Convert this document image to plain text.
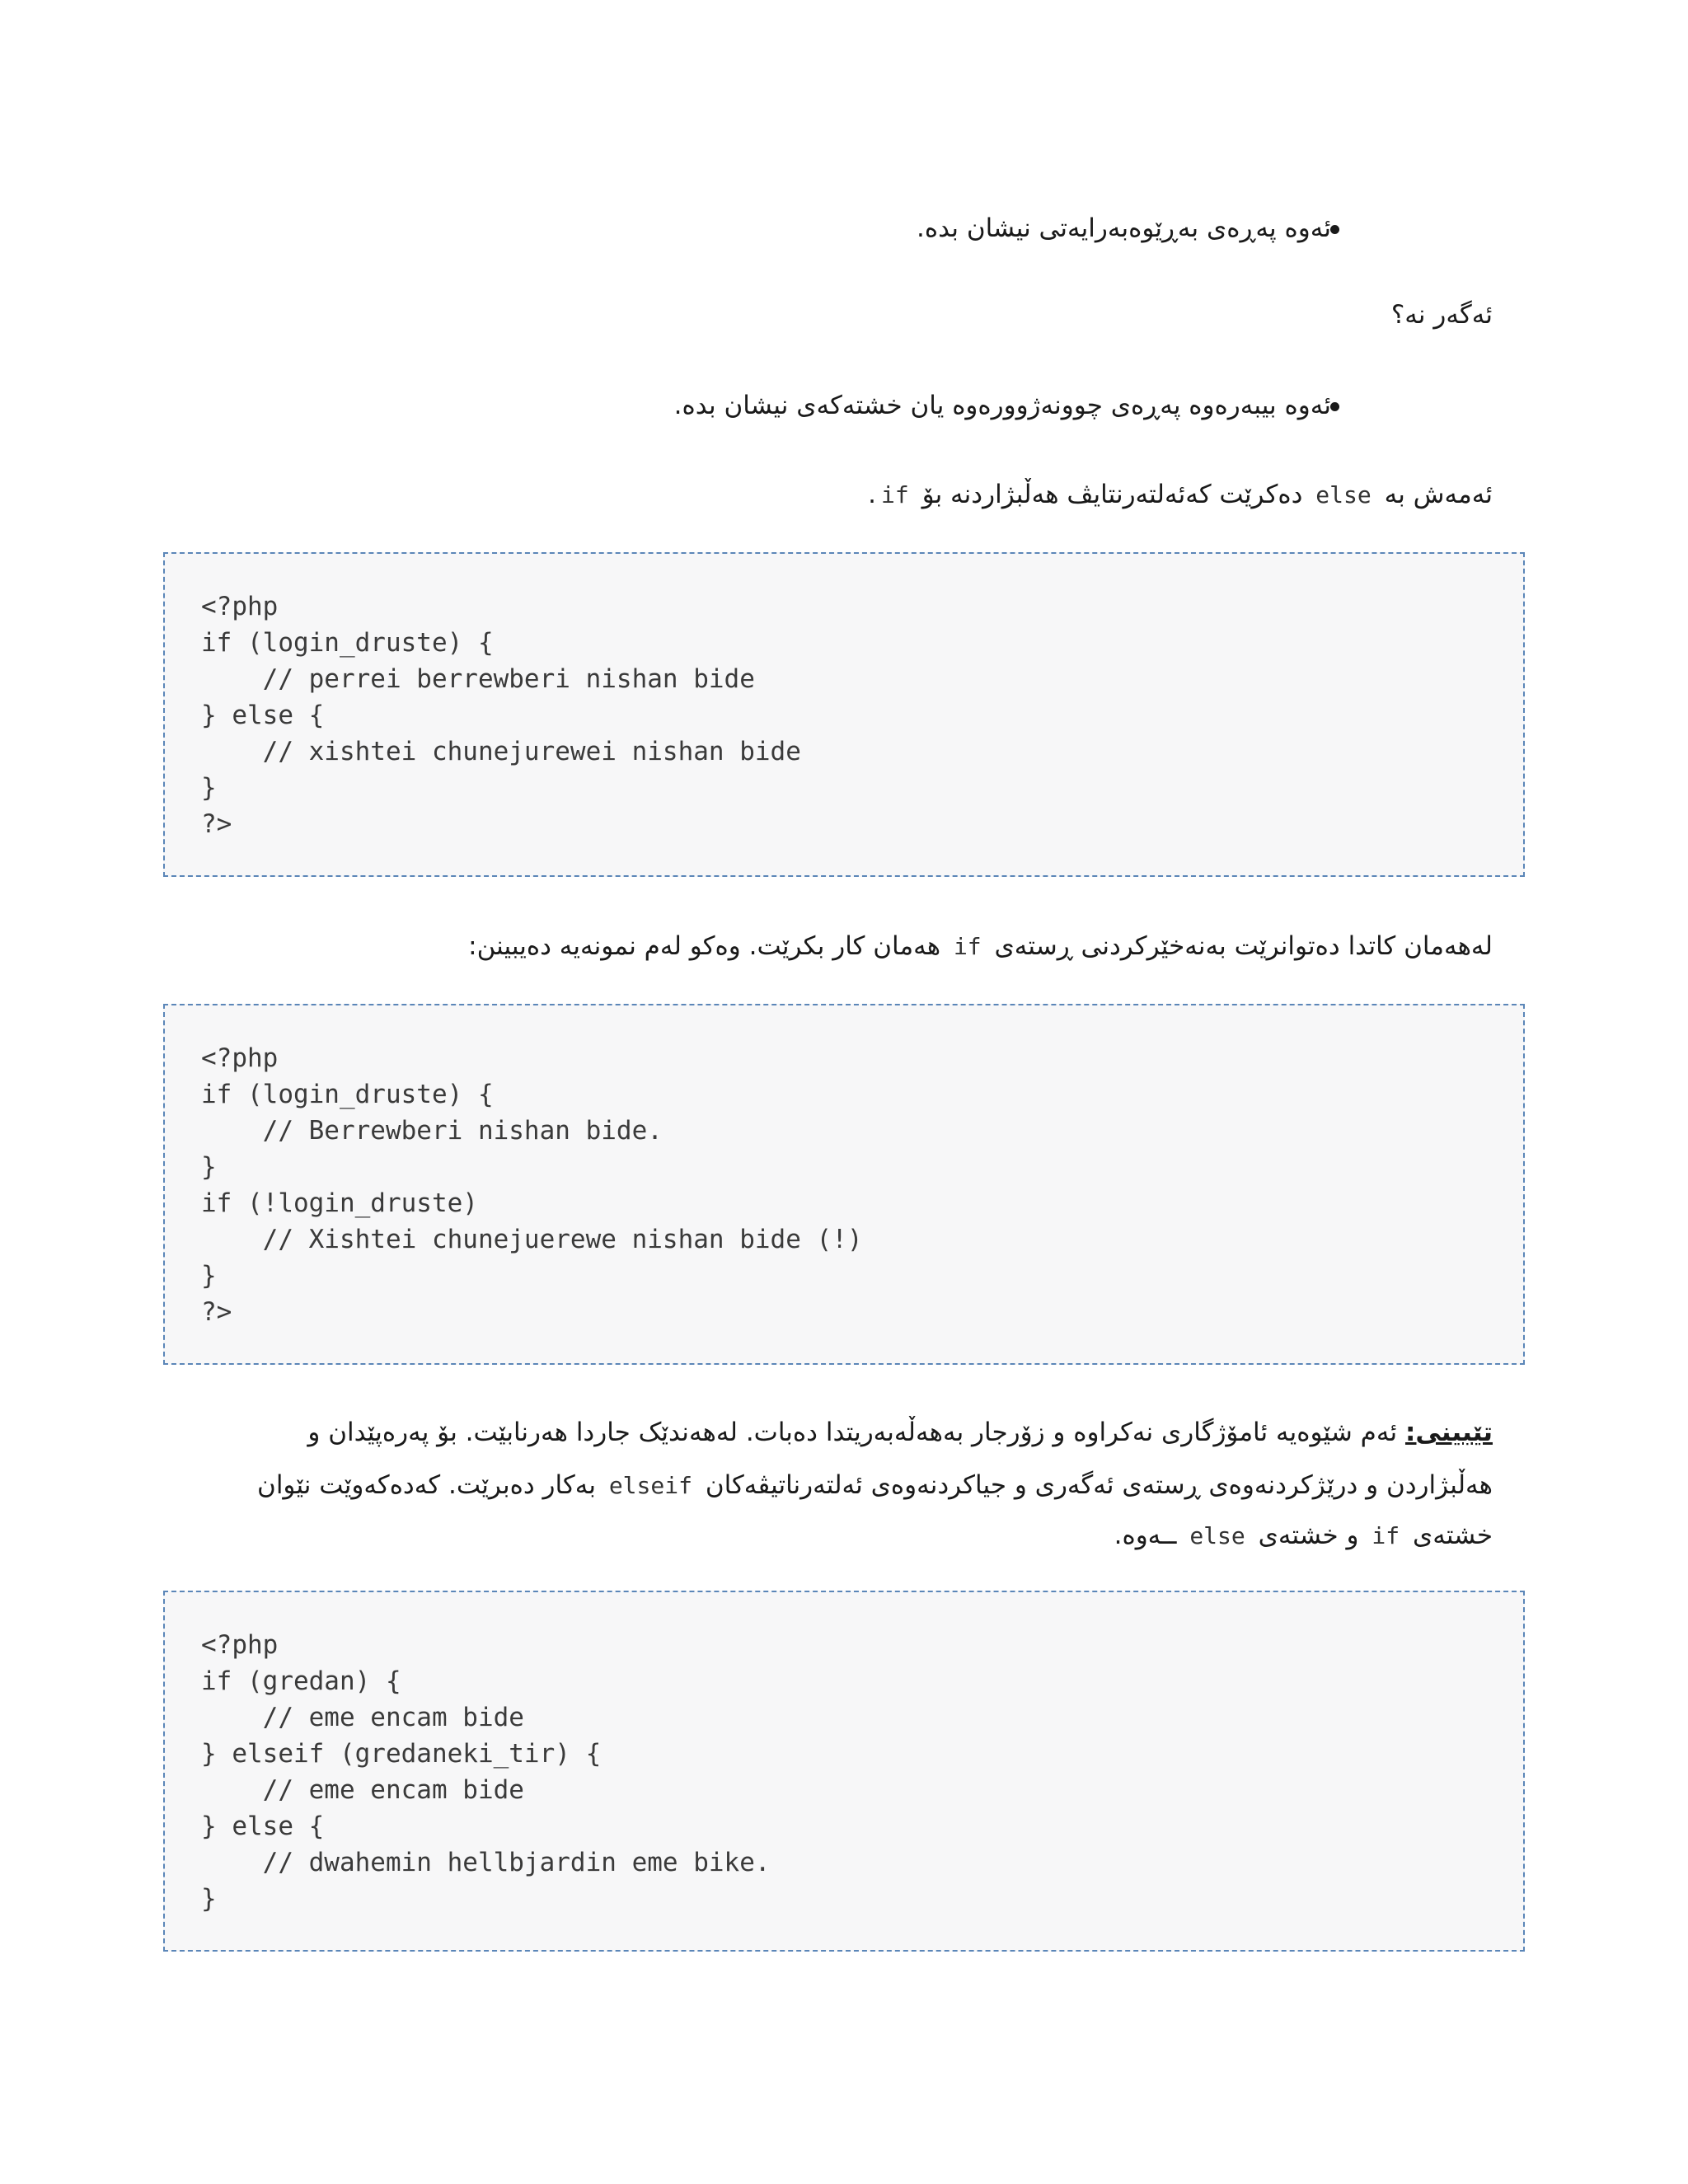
ئەوە پەڕەی بەڕێوەبەرایەتی نیشان بدە.
ئەگەر نە؟
ئەوە بیبەرەوە پەڕەی چوونەژوورەوە یان خشتەکەی نیشان بدە.
ئەمەش بە else دەکرێت کەئەلتەرنتایڤ هەڵبژاردنە بۆ if.
<?php
if (login_druste) {
// perrei berrewberi nishan bide
} else {
// xishtei chunejurewei nishan bide
}
?>
لەهەمان کاتدا دەتوانرێت بەنەخێرکردنی ڕستەی if هەمان کار بکرێت. وەکو لەم نمونەیە دەیبینن:
<?php
if (login_druste) {
// Berrewberi nishan bide.
}
if (!login_druste)
// Xishtei chunejuerewe nishan bide (!)
}
?>
تێبینی: ئەم شێوەیە ئامۆژگاری نەکراوە و زۆرجار بەهەڵەبەریتدا دەبات. لەهەندێک جاردا هەرنابێت. بۆ پەرەپێدان و
هەڵبژاردن و درێژکردنەوەی ڕستەی ئەگەری و جیاکردنەوەی ئەلتەرناتیڤەکان elseif بەکار دەبرێت. کەدەکەوێت نێوان
خشتەی if و خشتەی else ــەوە.
<?php
if (gredan) {
// eme encam bide
} elseif (gredaneki_tir) {
// eme encam bide
} else {
// dwahemin hellbjardin eme bike.
}
